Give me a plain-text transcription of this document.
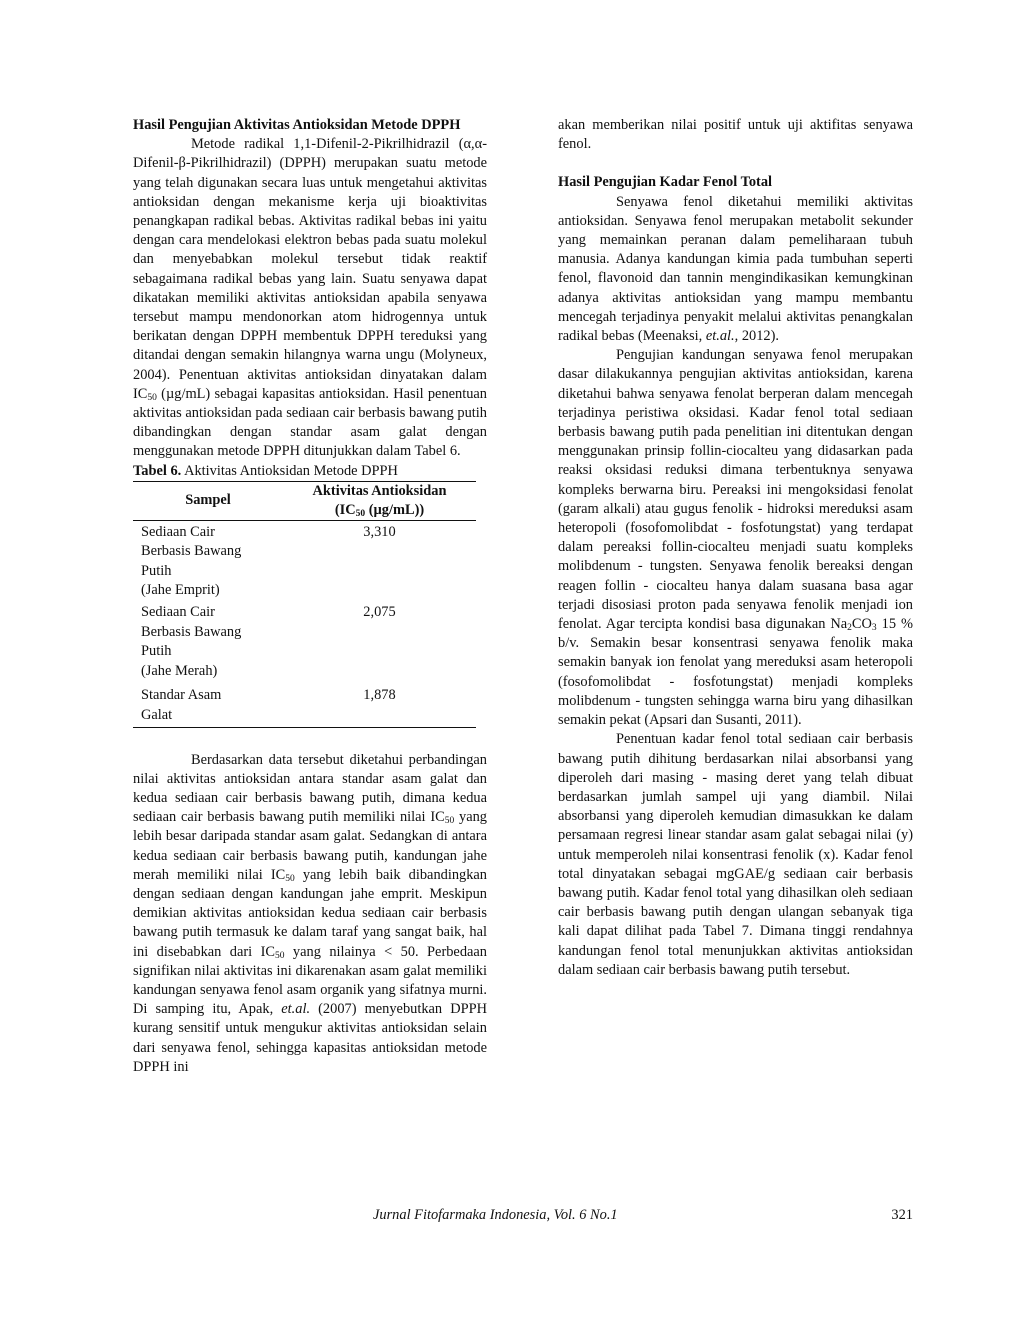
Hasil Pengujian Aktivitas Antioksidan Metode DPPH

Metode radikal 1,1-Difenil-2-Pikrilhidrazil (α,α-Difenil-β-Pikrilhidrazil) (DPPH) merupakan suatu metode yang telah digunakan secara luas untuk mengetahui aktivitas antioksidan dengan mekanisme kerja uji bioaktivitas penangkapan radikal bebas. Aktivitas radikal bebas ini yaitu dengan cara mendelokasi elektron bebas pada suatu molekul dan menyebabkan molekul tersebut tidak reaktif sebagaimana radikal bebas yang lain. Suatu senyawa dapat dikatakan memiliki aktivitas antioksidan apabila senyawa tersebut mampu mendonorkan atom hidrogennya untuk berikatan dengan DPPH membentuk DPPH tereduksi yang ditandai dengan semakin hilangnya warna ungu (Molyneux, 2004). Penentuan aktivitas antioksidan dinyatakan dalam $IC_{50}$ (µg/mL) sebagai kapasitas antioksidan. Hasil penentuan aktivitas antioksidan pada sediaan cair berbasis bawang putih dibandingkan dengan standar asam galat dengan menggunakan metode DPPH ditunjukkan dalam Tabel 6.

Tabel 6. Aktivitas Antioksidan Metode DPPH

Sampel	Aktivitas Antioksidan
($IC_{50}$ (µg/mL))
Sediaan Cair
Berbasis Bawang
Putih
(Jahe Emprit)	3,310
Sediaan Cair
Berbasis Bawang
Putih
(Jahe Merah)	2,075
Standar Asam
Galat	1,878

Berdasarkan data tersebut diketahui perbandingan nilai aktivitas antioksidan antara standar asam galat dan kedua sediaan cair berbasis bawang putih, dimana kedua sediaan cair berbasis bawang putih memiliki nilai $IC_{50}$ yang lebih besar daripada standar asam galat. Sedangkan di antara kedua sediaan cair berbasis bawang putih, kandungan jahe merah memiliki nilai $IC_{50}$ yang lebih baik dibandingkan dengan sediaan dengan kandungan jahe emprit. Meskipun demikian aktivitas antioksidan kedua sediaan cair berbasis bawang putih termasuk ke dalam taraf yang sangat baik, hal ini disebabkan dari $IC_{50}$ yang nilainya < 50. Perbedaan signifikan nilai aktivitas ini dikarenakan asam galat memiliki kandungan senyawa fenol asam organik yang sifatnya murni. Di samping itu, Apak, et.al. (2007) menyebutkan DPPH kurang sensitif untuk mengukur aktivitas antioksidan selain dari senyawa fenol, sehingga kapasitas antioksidan metode DPPH ini

akan memberikan nilai positif untuk uji aktifitas senyawa fenol.

Hasil Pengujian Kadar Fenol Total

Senyawa fenol diketahui memiliki aktivitas antioksidan. Senyawa fenol merupakan metabolit sekunder yang memainkan peranan dalam pemeliharaan tubuh manusia. Adanya kandungan kimia pada tumbuhan seperti fenol, flavonoid dan tannin mengindikasikan kemungkinan adanya aktivitas antioksidan yang mampu membantu mencegah terjadinya penyakit melalui aktivitas penangkalan radikal bebas (Meenaksi, et.al., 2012).

Pengujian kandungan senyawa fenol merupakan dasar dilakukannya pengujian aktivitas antioksidan, karena diketahui bahwa senyawa fenolat berperan dalam mencegah terjadinya peristiwa oksidasi. Kadar fenol total sediaan berbasis bawang putih pada penelitian ini ditentukan dengan menggunakan prinsip follin-ciocalteu yang didasarkan pada reaksi oksidasi reduksi dimana terbentuknya senyawa kompleks berwarna biru. Pereaksi ini mengoksidasi fenolat (garam alkali) atau gugus fenolik - hidroksi mereduksi asam heteropoli (fosofomolibdat - fosfotungstat) yang terdapat dalam pereaksi follin-ciocalteu menjadi suatu kompleks molibdenum - tungsten. Senyawa fenolik bereaksi dengan reagen follin - ciocalteu hanya dalam suasana basa agar terjadi disosiasi proton pada senyawa fenolik menjadi ion fenolat. Agar tercipta kondisi basa digunakan $Na_2CO_3$ 15 % b/v. Semakin besar konsentrasi senyawa fenolik maka semakin banyak ion fenolat yang mereduksi asam heteropoli (fosofomolibdat - fosfotungstat) menjadi kompleks molibdenum - tungsten sehingga warna biru yang dihasilkan semakin pekat (Apsari dan Susanti, 2011).

Penentuan kadar fenol total sediaan cair berbasis bawang putih dihitung berdasarkan nilai absorbansi yang diperoleh dari masing - masing deret yang telah dibuat berdasarkan jumlah sampel uji yang diambil. Nilai absorbansi yang diperoleh kemudian dimasukkan ke dalam persamaan regresi linear standar asam galat sebagai nilai (y) untuk memperoleh nilai konsentrasi fenolik (x). Kadar fenol total dinyatakan sebagai mgGAE/g sediaan cair berbasis bawang putih. Kadar fenol total yang dihasilkan oleh sediaan cair berbasis bawang putih dengan ulangan sebanyak tiga kali dapat dilihat pada Tabel 7. Dimana tinggi rendahnya kandungan fenol total menunjukkan aktivitas antioksidan dalam sediaan cair berbasis bawang putih tersebut.

Jurnal Fitofarmaka Indonesia, Vol. 6 No.1	321
